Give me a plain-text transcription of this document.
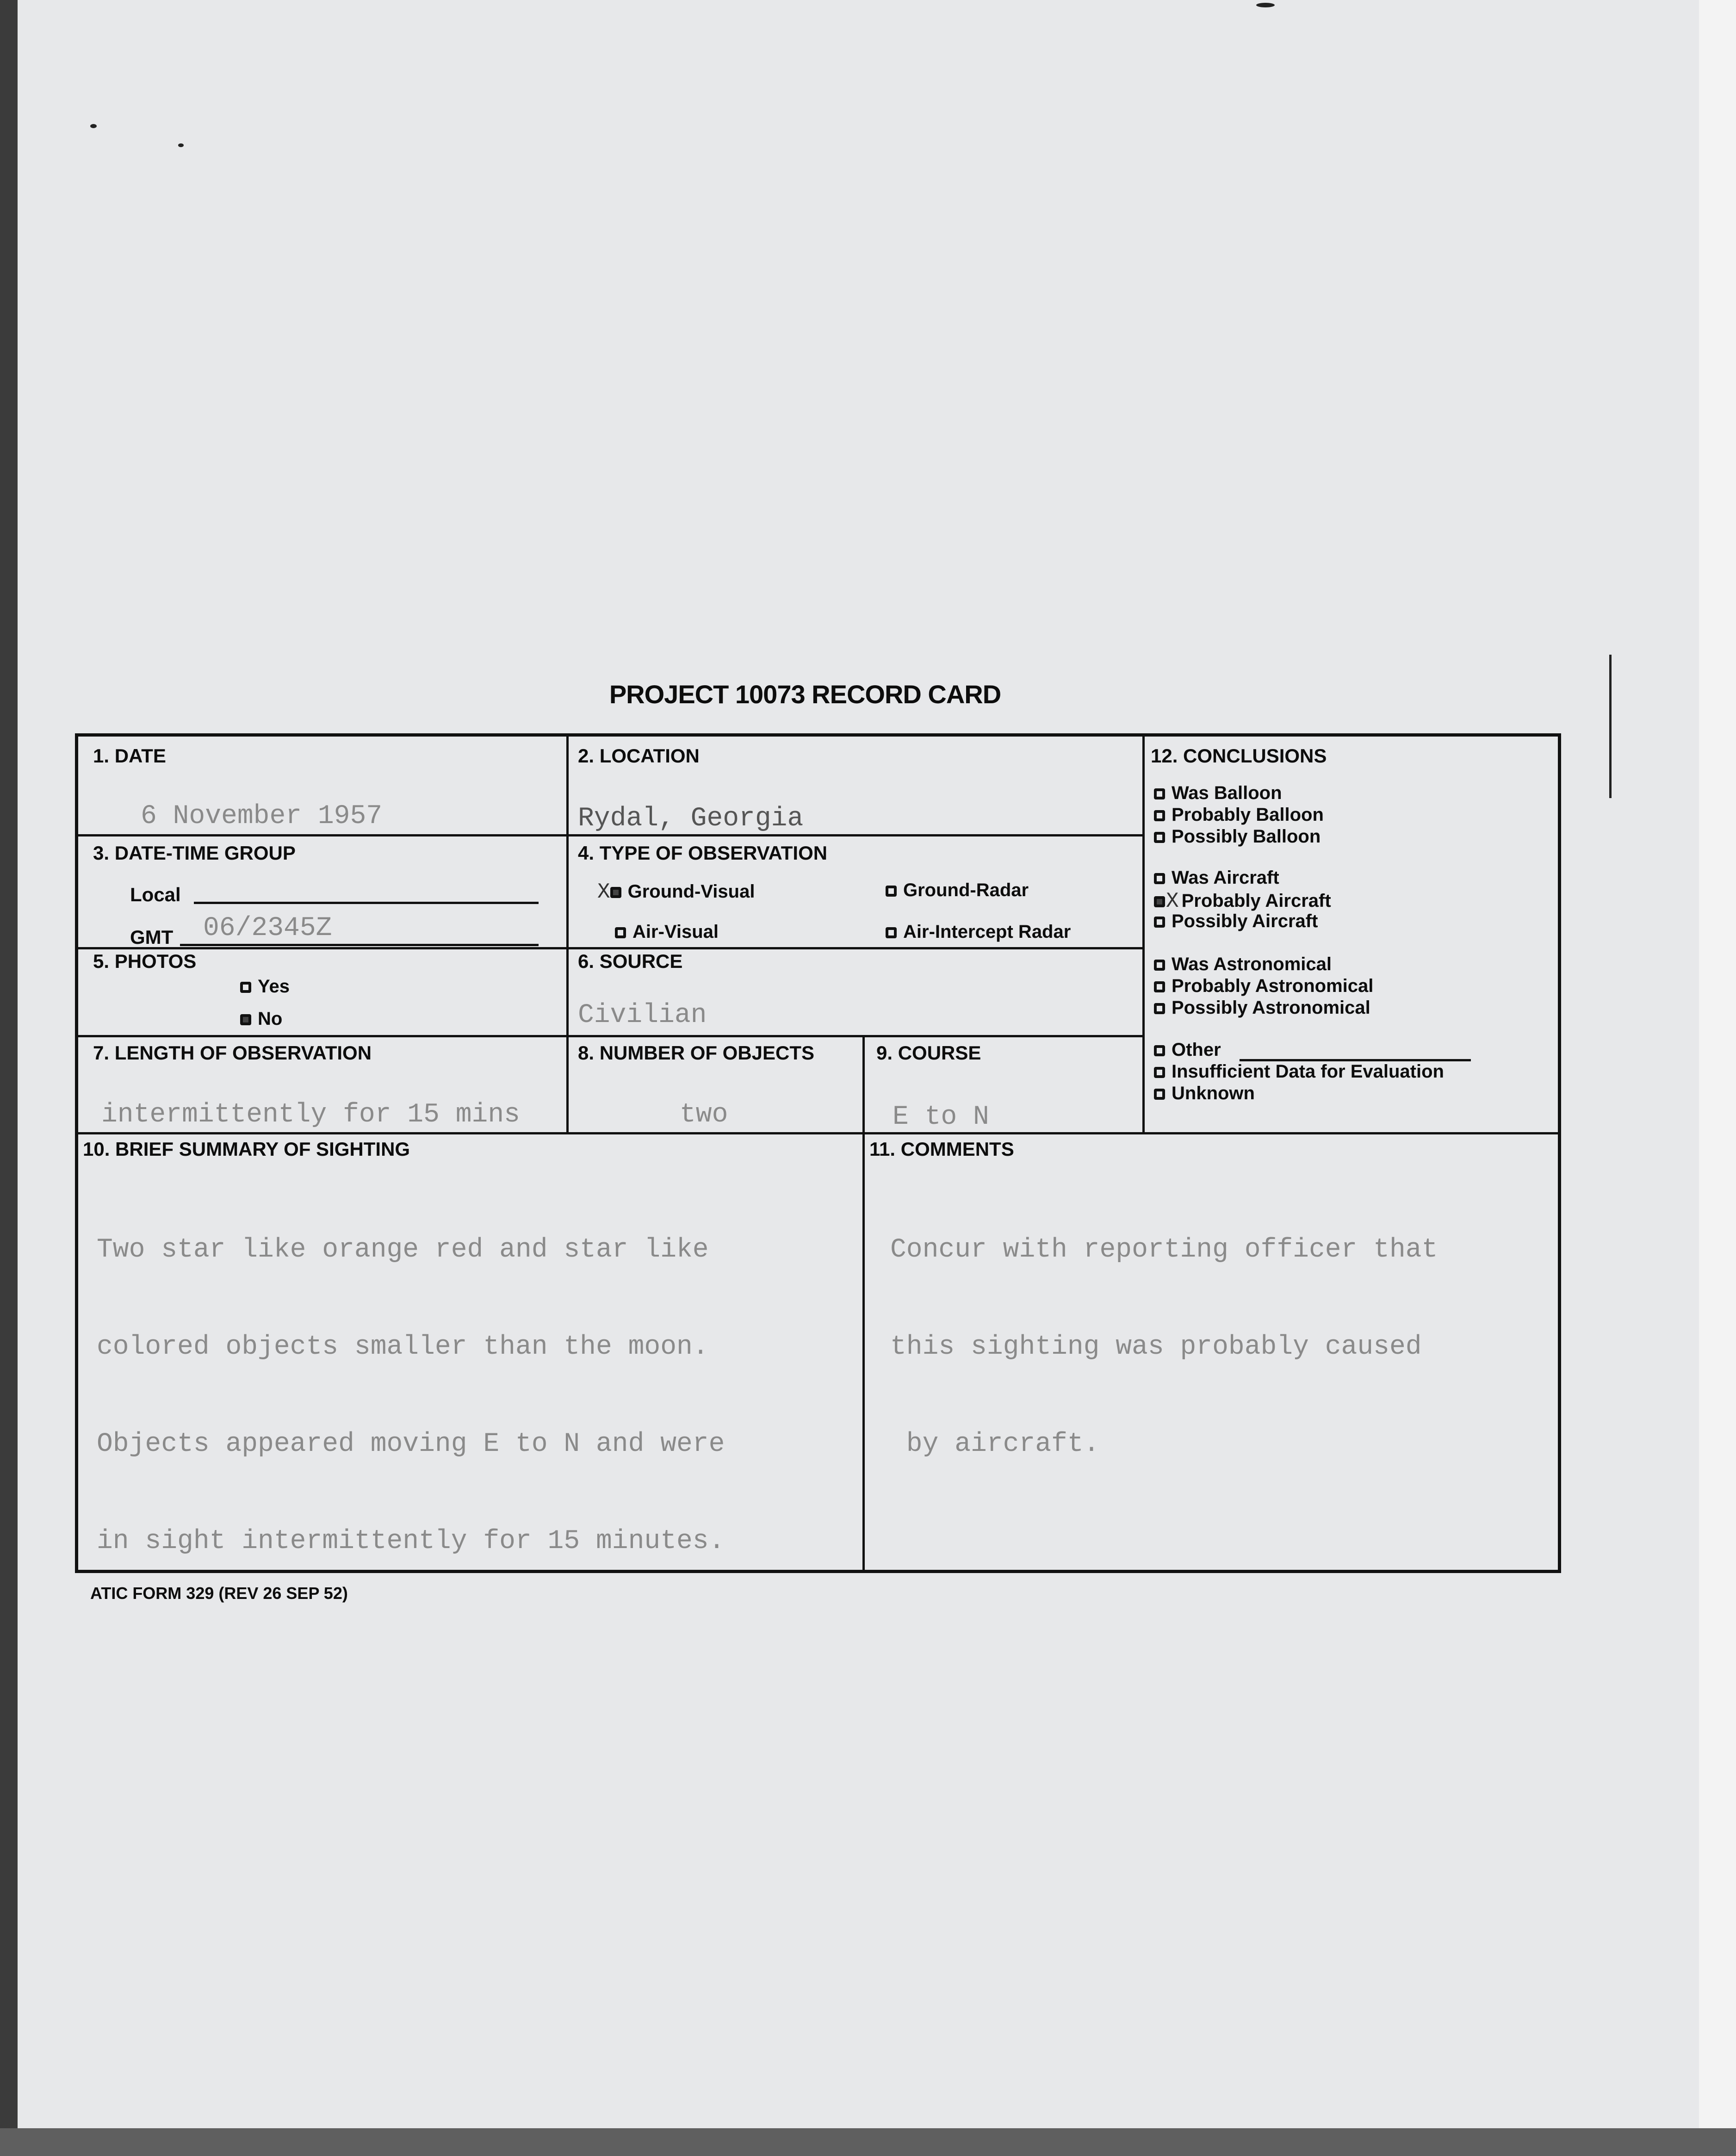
PROJECT 10073 RECORD CARD
1. DATE
6 November 1957
2. LOCATION
Rydal, Georgia
3. DATE-TIME GROUP
Local
GMT 06/2345Z
4. TYPE OF OBSERVATION
X Ground-Visual	Ground-Radar
Air-Visual	Air-Intercept Radar
5. PHOTOS
Yes
No
6. SOURCE
Civilian
7. LENGTH OF OBSERVATION
intermittently for 15 mins
8. NUMBER OF OBJECTS
two
9. COURSE
E to N
10. BRIEF SUMMARY OF SIGHTING

Two star like orange red and star like

colored objects smaller than the moon.

Objects appeared moving E to N and were

in sight intermittently for 15 minutes.

11. COMMENTS

Concur with reporting officer that

this sighting was probably caused

by aircraft.

12. CONCLUSIONS
Was Balloon
Probably Balloon
Possibly Balloon
Was Aircraft
X Probably Aircraft
Possibly Aircraft
Was Astronomical
Probably Astronomical
Possibly Astronomical
Other
Insufficient Data for Evaluation
Unknown
ATIC FORM 329 (REV 26 SEP 52)
